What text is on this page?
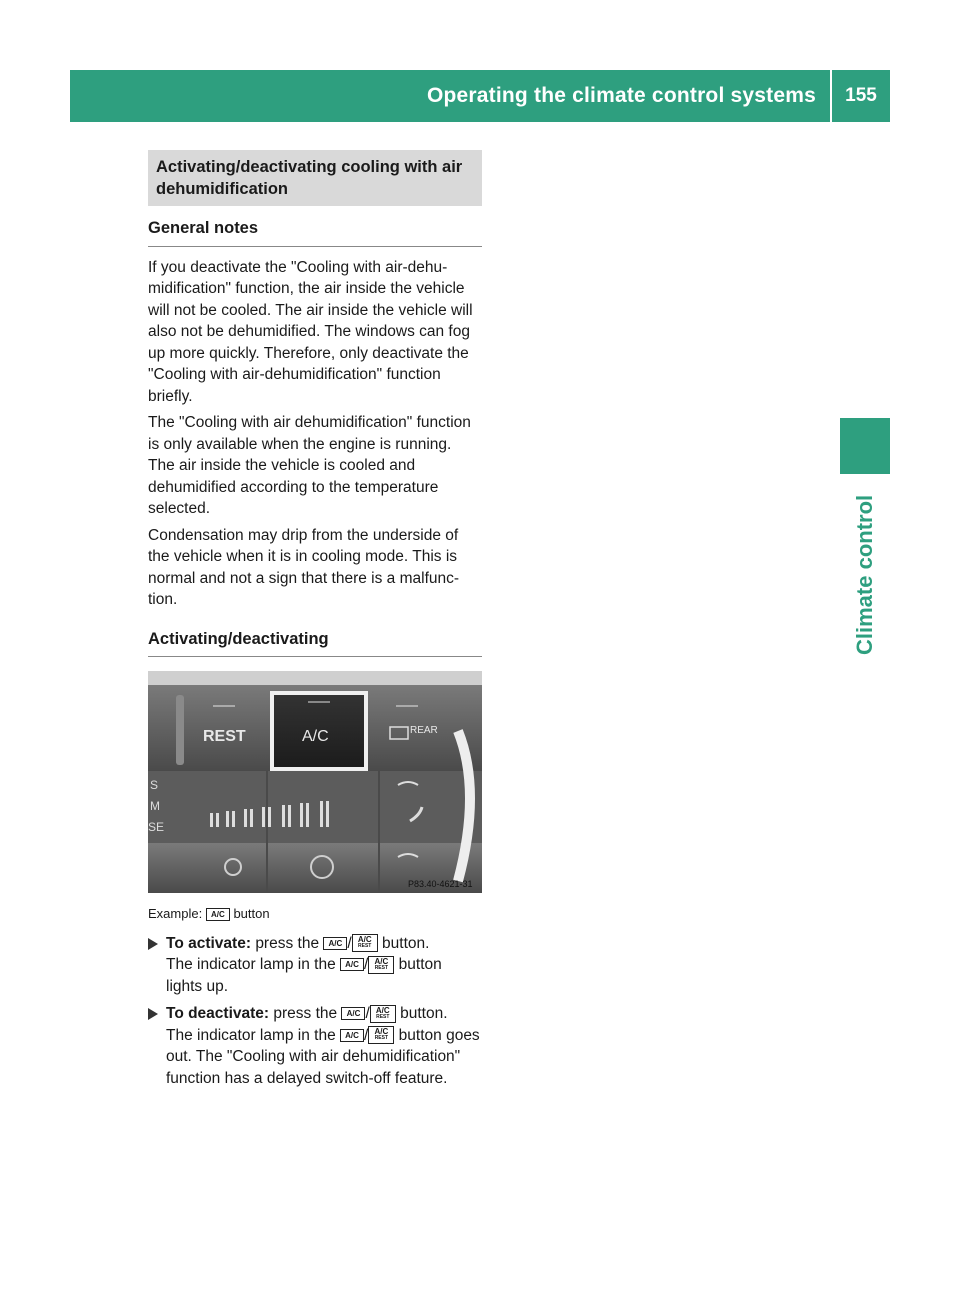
Operating the climate control systems	155
Climate control
Activating/deactivating cooling with air dehumidification
General notes

If you deactivate the "Cooling with air-dehumidification" function, the air inside the vehicle will not be cooled. The air inside the vehicle will also not be dehumidified. The windows can fog up more quickly. Therefore, only deactivate the "Cooling with air-dehumidification" function briefly.

The "Cooling with air dehumidification" function is only available when the engine is running. The air inside the vehicle is cooled and dehumidified according to the temperature selected.

Condensation may drip from the underside of the vehicle when it is in cooling mode. This is normal and not a sign that there is a malfunction.

Activating/deactivating
REST	A/C	REAR
S
M
SE
P83.40-4621-31
Example: A/C button
To activate: press the A/C / A/C
REST button.
The indicator lamp in the A/C / A/C
REST button lights up.
To deactivate: press the A/C / A/C
REST button.
The indicator lamp in the A/C / A/C
REST button goes out. The "Cooling with air dehumidification" function has a delayed switch-off feature.
